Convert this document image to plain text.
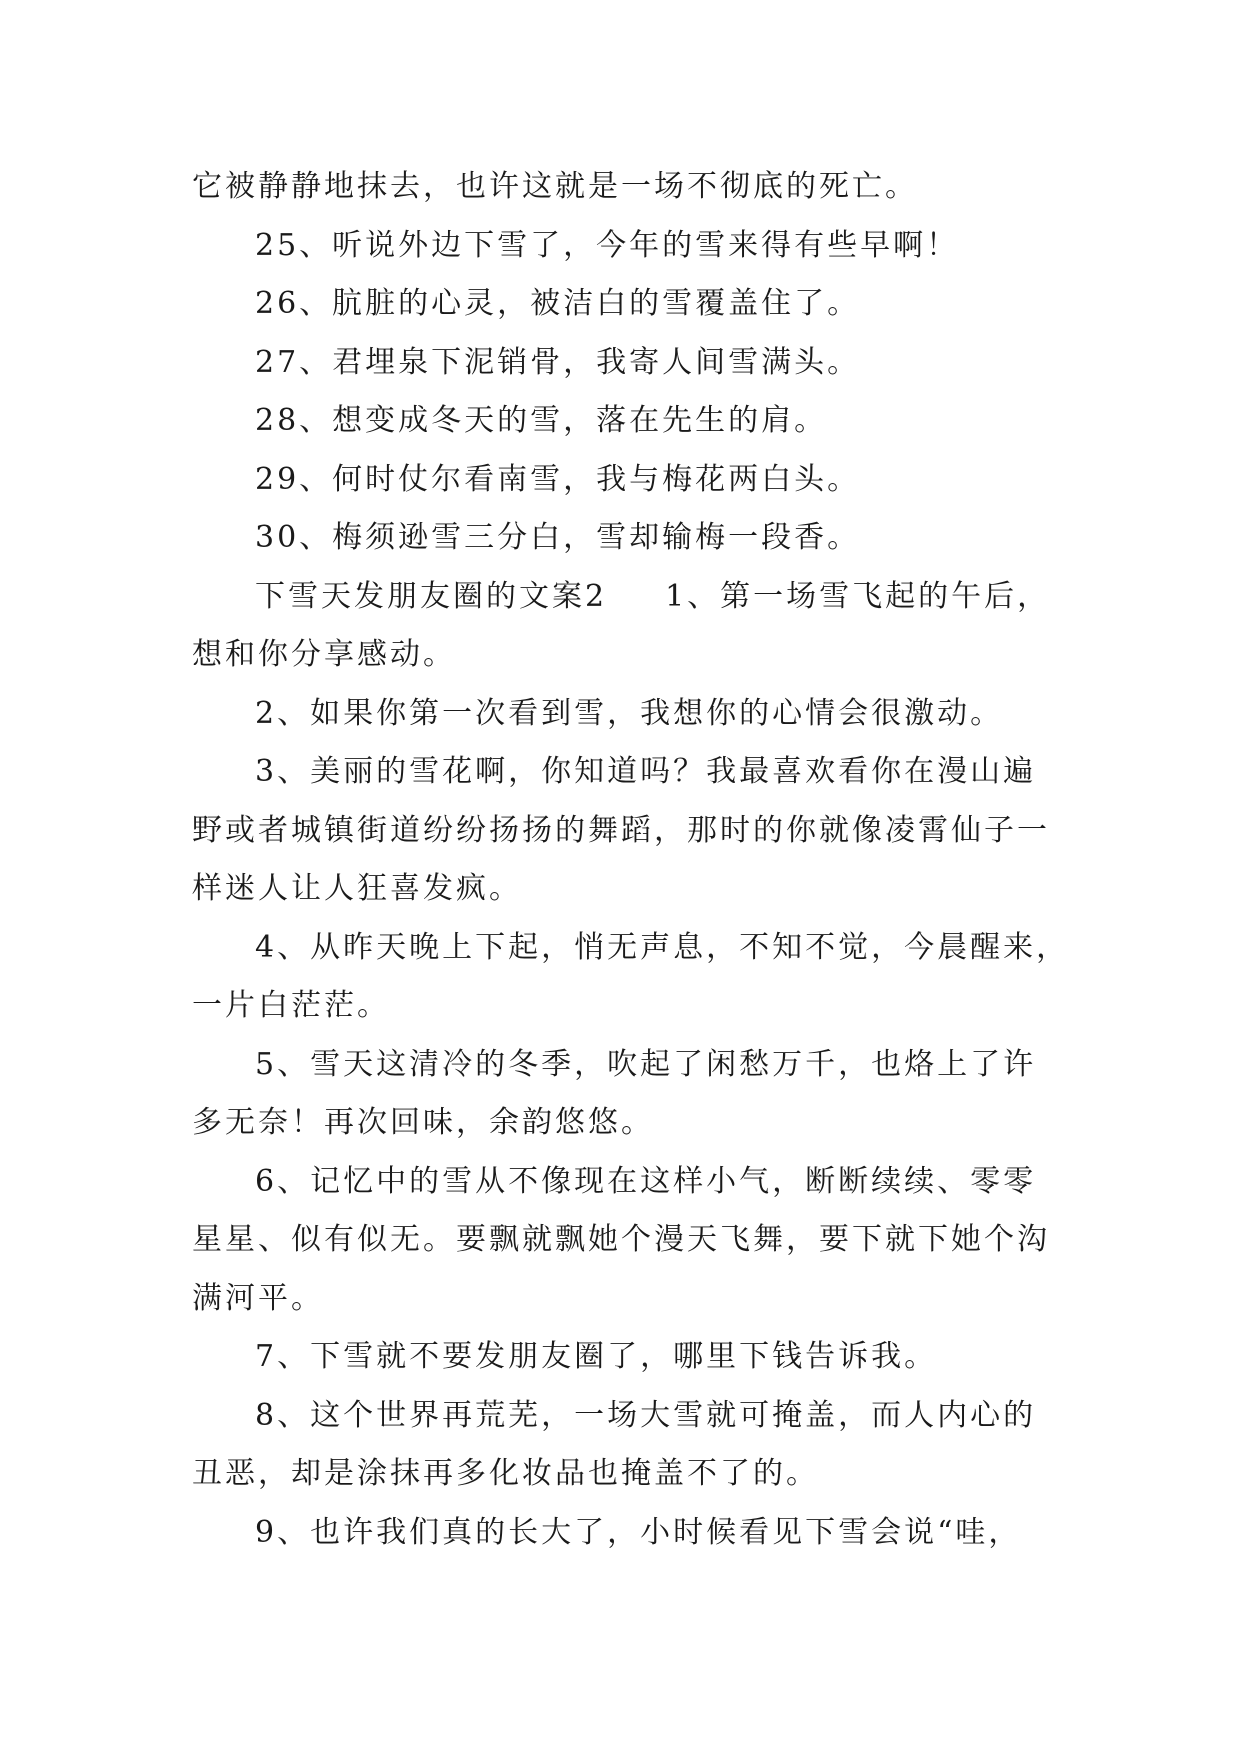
它被静静地抹去，也许这就是一场不彻底的死亡。
25、听说外边下雪了，今年的雪来得有些早啊！
26、肮脏的心灵，被洁白的雪覆盖住了。
27、君埋泉下泥销骨，我寄人间雪满头。
28、想变成冬天的雪，落在先生的肩。
29、何时仗尔看南雪，我与梅花两白头。
30、梅须逊雪三分白，雪却输梅一段香。
下雪天发朋友圈的文案2 1、第一场雪飞起的午后，
想和你分享感动。
2、如果你第一次看到雪，我想你的心情会很激动。
3、美丽的雪花啊，你知道吗？我最喜欢看你在漫山遍
野或者城镇街道纷纷扬扬的舞蹈，那时的你就像凌霄仙子一
样迷人让人狂喜发疯。
4、从昨天晚上下起，悄无声息，不知不觉，今晨醒来，
一片白茫茫。
5、雪天这清冷的冬季，吹起了闲愁万千，也烙上了许
多无奈！再次回味，余韵悠悠。
6、记忆中的雪从不像现在这样小气，断断续续、零零
星星、似有似无。要飘就飘她个漫天飞舞，要下就下她个沟
满河平。
7、下雪就不要发朋友圈了，哪里下钱告诉我。
8、这个世界再荒芜，一场大雪就可掩盖，而人内心的
丑恶，却是涂抹再多化妆品也掩盖不了的。
9、也许我们真的长大了，小时候看见下雪会说“哇，
